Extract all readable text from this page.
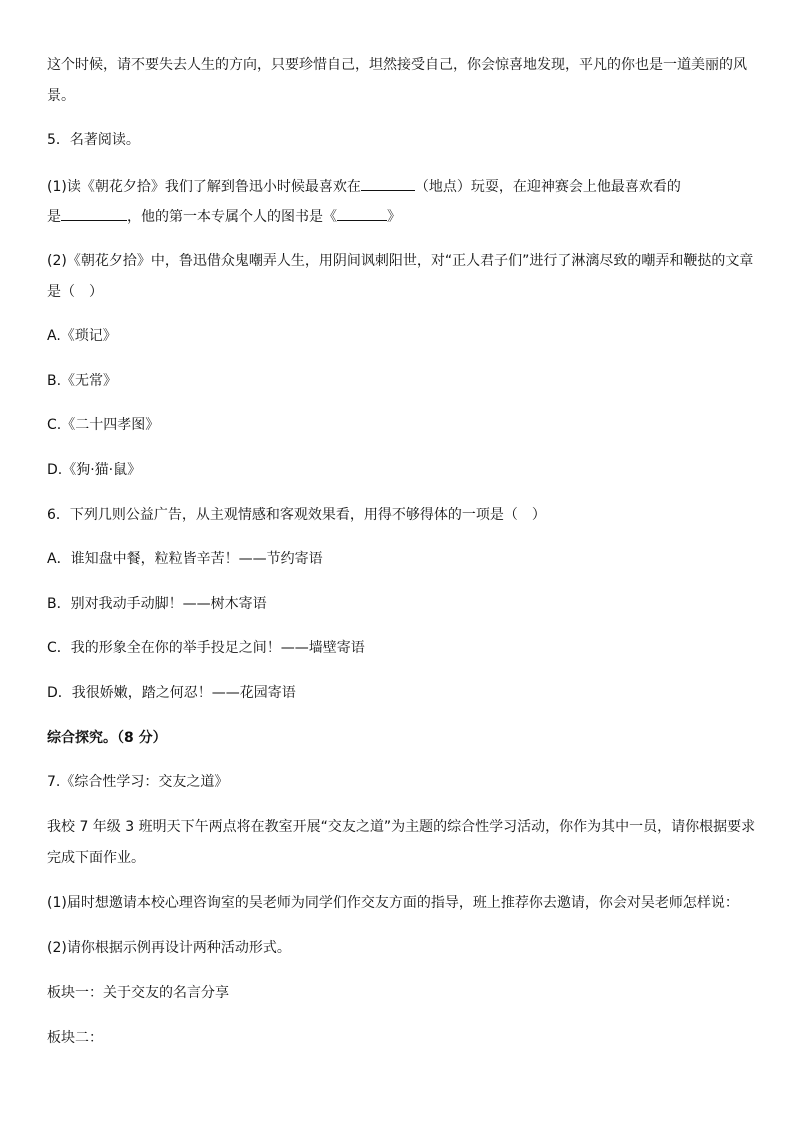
这个时候，请不要失去人生的方向，只要珍惜自己，坦然接受自己，你会惊喜地发现，平凡的你也是一道美丽的风
景。
5．名著阅读。
(1)读《朝花夕拾》我们了解到鲁迅小时候最喜欢在	（地点）玩耍，在迎神赛会上他最喜欢看的
是	，他的第一本专属个人的图书是《	》
(2)《朝花夕拾》中，鲁迅借众鬼嘲弄人生，用阴间讽刺阳世，对“正人君子们”进行了淋漓尽致的嘲弄和鞭挞的文章
是（　）
A.《琐记》
B.《无常》
C.《二十四孝图》
D.《狗·猫·鼠》
6．下列几则公益广告，从主观情感和客观效果看，用得不够得体的一项是（　）
A．谁知盘中餐，粒粒皆辛苦！——节约寄语
B．别对我动手动脚！——树木寄语
C．我的形象全在你的举手投足之间！——墙壁寄语
D．我很娇嫩，踏之何忍！——花园寄语
综合探究。（8 分）
7.《综合性学习：交友之道》
我校 7 年级 3 班明天下午两点将在教室开展“交友之道”为主题的综合性学习活动，你作为其中一员，请你根据要求
完成下面作业。
(1)届时想邀请本校心理咨询室的吴老师为同学们作交友方面的指导，班上推荐你去邀请，你会对吴老师怎样说：
(2)请你根据示例再设计两种活动形式。
板块一：关于交友的名言分享
板块二：
